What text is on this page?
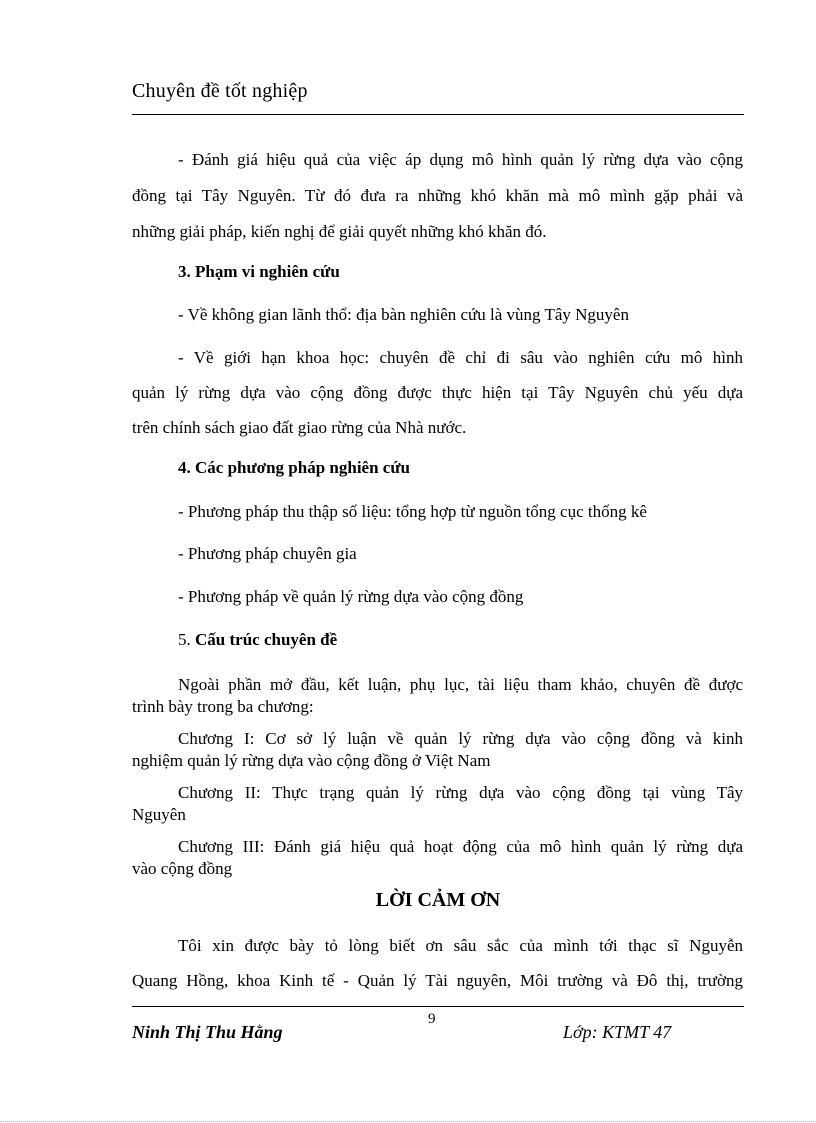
Chuyên đề tốt nghiệp
- Đánh giá hiệu quả của việc áp dụng mô hình quản lý rừng dựa vào cộng
đồng tại Tây Nguyên. Từ đó đưa ra những khó khăn mà mô mình gặp phải và
những giải pháp, kiến nghị để giải quyết những khó khăn đó.
3. Phạm vi nghiên cứu
- Về không gian lãnh thổ: địa bàn nghiên cứu là vùng Tây Nguyên
- Về giới hạn khoa học: chuyên đề chỉ đi sâu vào nghiên cứu mô hình
quản lý rừng dựa vào cộng đồng được thực hiện tại Tây Nguyên chủ yếu dựa
trên chính sách giao đất giao rừng của Nhà nước.
4. Các phương pháp nghiên cứu
- Phương pháp thu thập số liệu: tổng hợp từ nguồn tổng cục thống kê
- Phương pháp chuyên gia
- Phương pháp về quản lý rừng dựa vào cộng đồng
5. Cấu trúc chuyên đề
Ngoài phần mở đầu, kết luận, phụ lục, tài liệu tham khảo, chuyên đề được
trình bày trong ba chương:
Chương I: Cơ sở lý luận về quản lý rừng dựa vào cộng đồng và kinh
nghiệm quản lý rừng dựa vào cộng đồng ở Việt Nam
Chương II: Thực trạng quản lý rừng dựa vào cộng đồng tại vùng Tây
Nguyên
Chương III: Đánh giá hiệu quả hoạt động của mô hình quản lý rừng dựa
vào cộng đồng
LỜI CẢM ƠN
Tôi xin được bày tỏ lòng biết ơn sâu sắc của mình tới thạc sĩ Nguyễn
Quang Hồng, khoa Kinh tế - Quản lý Tài nguyên, Môi trường và Đô thị, trường
9
Ninh Thị Thu Hằng	Lớp: KTMT 47
